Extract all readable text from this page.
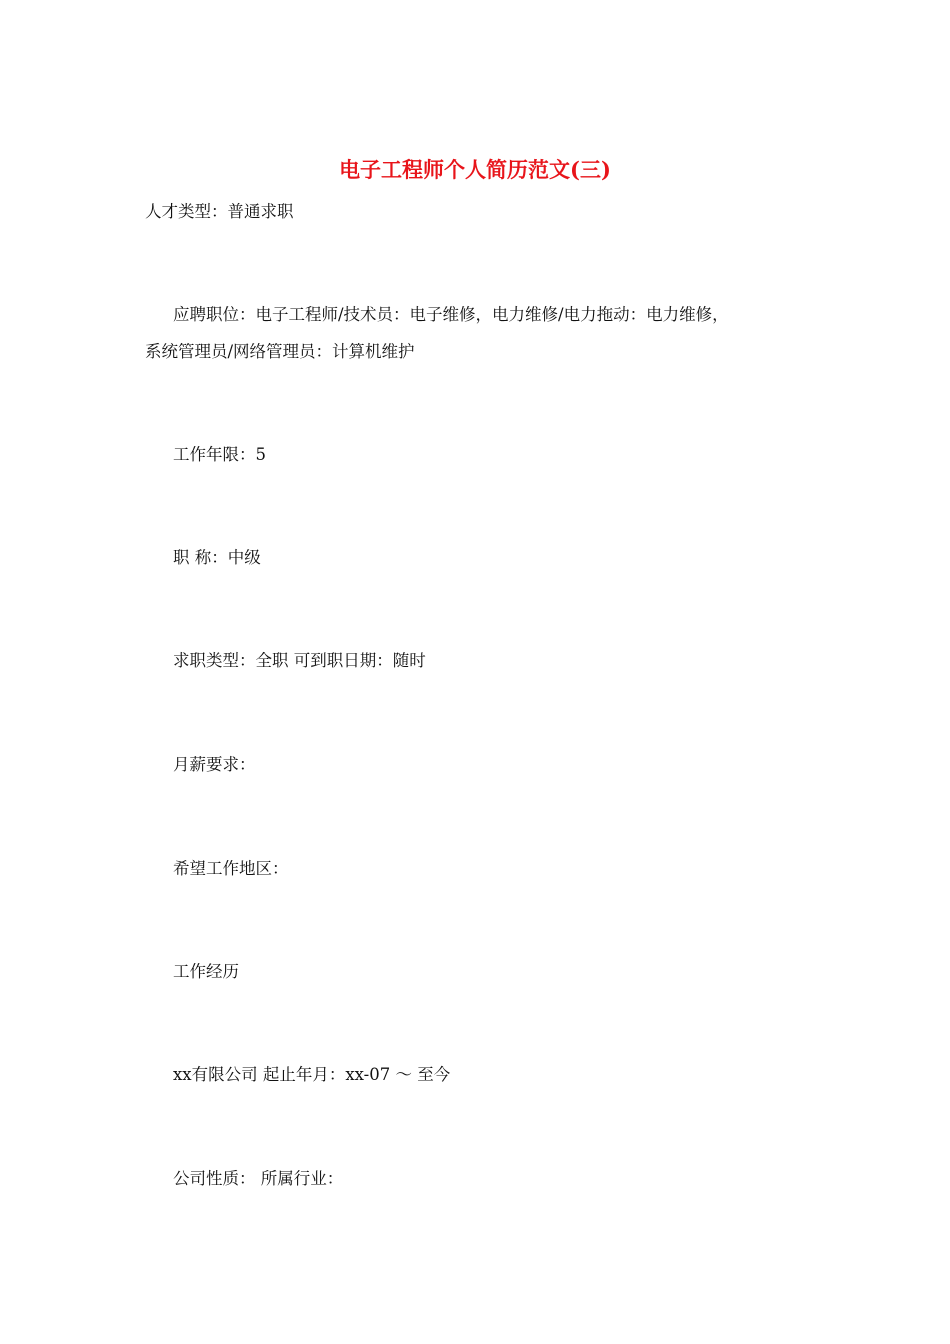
电子工程师个人简历范文(三)
人才类型：普通求职
应聘职位：电子工程师/技术员：电子维修，电力维修/电力拖动：电力维修，
系统管理员/网络管理员：计算机维护
工作年限：5
职 称：中级
求职类型：全职 可到职日期：随时
月薪要求：
希望工作地区：
工作经历
xx有限公司 起止年月：xx-07 ～ 至今
公司性质： 所属行业：
